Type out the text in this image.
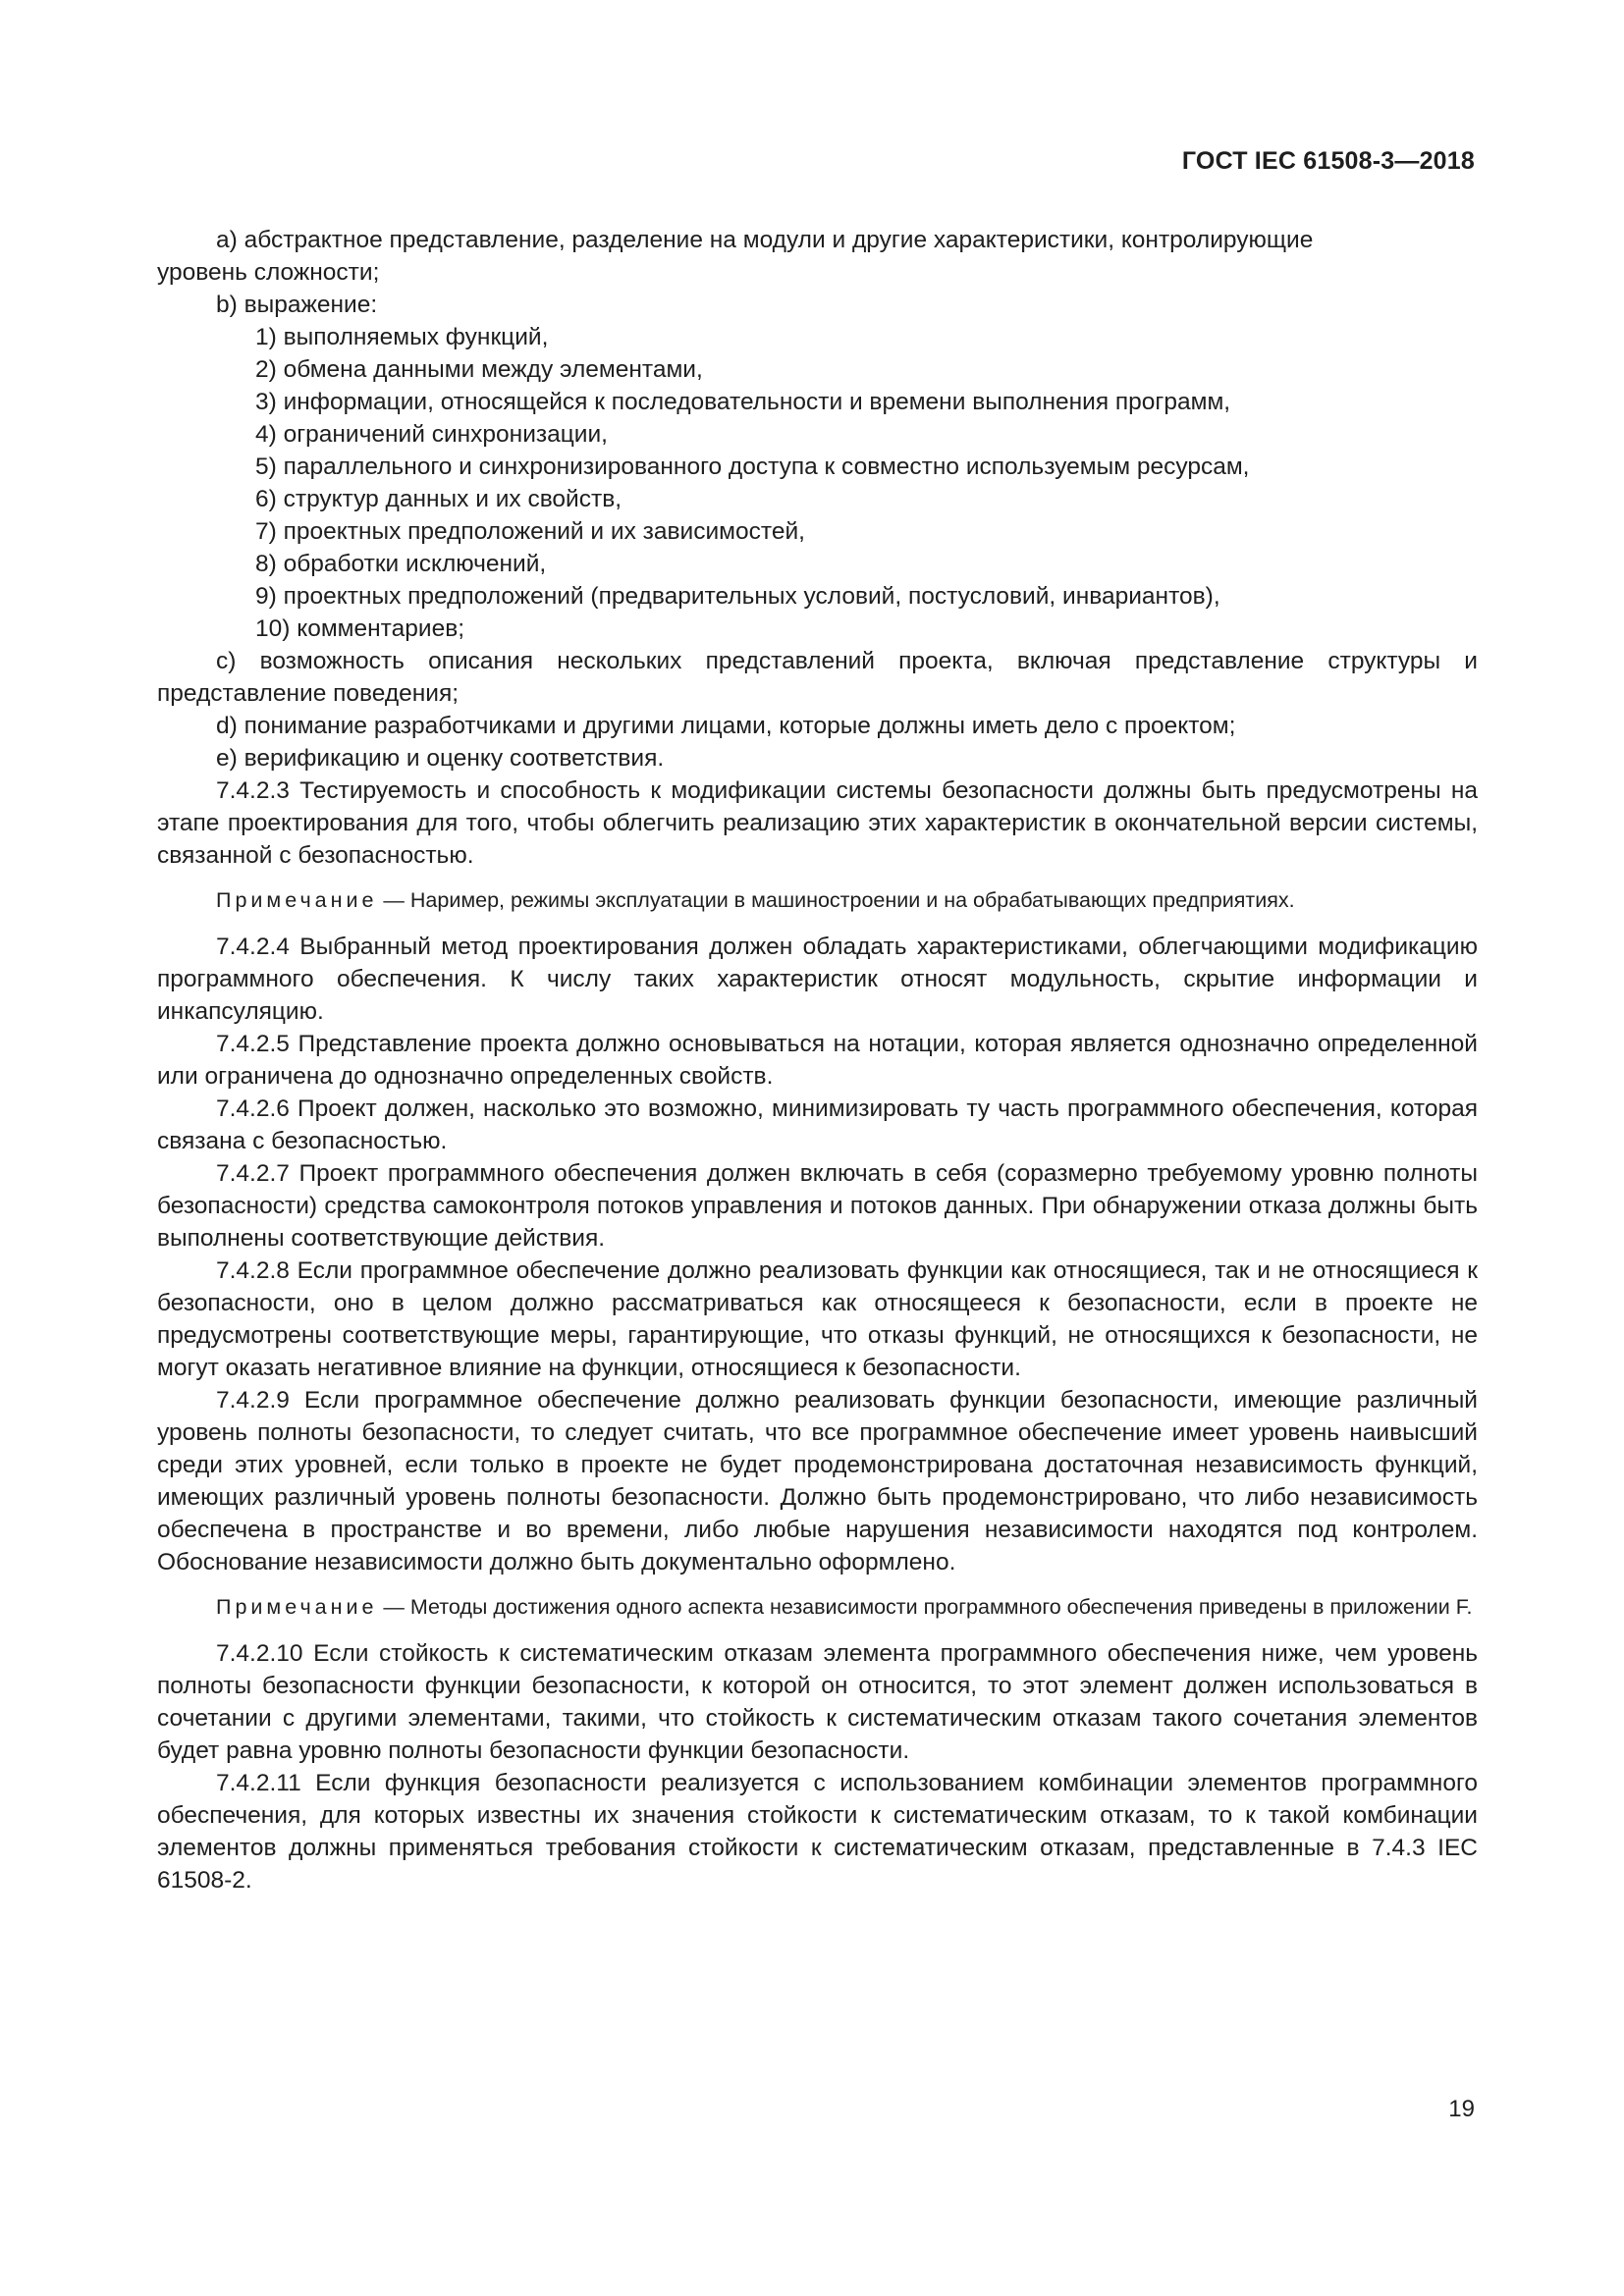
ГОСТ IEC 61508-3—2018
а) абстрактное представление, разделение на модули и другие характеристики, контролирующие
уровень сложности;
b) выражение:
1) выполняемых функций,
2) обмена данными между элементами,
3) информации, относящейся к последовательности и времени выполнения программ,
4) ограничений синхронизации,
5) параллельного и синхронизированного доступа к совместно используемым ресурсам,
6) структур данных и их свойств,
7) проектных предположений и их зависимостей,
8) обработки исключений,
9) проектных предположений (предварительных условий, постусловий, инвариантов),
10) комментариев;
c) возможность описания нескольких представлений проекта, включая представление структуры и представление поведения;
d) понимание разработчиками и другими лицами, которые должны иметь дело с проектом;
e) верификацию и оценку соответствия.
7.4.2.3 Тестируемость и способность к модификации системы безопасности должны быть предусмотрены на этапе проектирования для того, чтобы облегчить реализацию этих характеристик в окончательной версии системы, связанной с безопасностью.
Примечание — Наример, режимы эксплуатации в машиностроении и на обрабатывающих предприятиях.
7.4.2.4 Выбранный метод проектирования должен обладать характеристиками, облегчающими модификацию программного обеспечения. К числу таких характеристик относят модульность, скрытие информации и инкапсуляцию.
7.4.2.5 Представление проекта должно основываться на нотации, которая является однозначно определенной или ограничена до однозначно определенных свойств.
7.4.2.6 Проект должен, насколько это возможно, минимизировать ту часть программного обеспечения, которая связана с безопасностью.
7.4.2.7 Проект программного обеспечения должен включать в себя (соразмерно требуемому уровню полноты безопасности) средства самоконтроля потоков управления и потоков данных. При обнаружении отказа должны быть выполнены соответствующие действия.
7.4.2.8 Если программное обеспечение должно реализовать функции как относящиеся, так и не относящиеся к безопасности, оно в целом должно рассматриваться как относящееся к безопасности, если в проекте не предусмотрены соответствующие меры, гарантирующие, что отказы функций, не относящихся к безопасности, не могут оказать негативное влияние на функции, относящиеся к безопасности.
7.4.2.9 Если программное обеспечение должно реализовать функции безопасности, имеющие различный уровень полноты безопасности, то следует считать, что все программное обеспечение имеет уровень наивысший среди этих уровней, если только в проекте не будет продемонстрирована достаточная независимость функций, имеющих различный уровень полноты безопасности. Должно быть продемонстрировано, что либо независимость обеспечена в пространстве и во времени, либо любые нарушения независимости находятся под контролем. Обоснование независимости должно быть документально оформлено.
Примечание — Методы достижения одного аспекта независимости программного обеспечения приведены в приложении F.
7.4.2.10 Если стойкость к систематическим отказам элемента программного обеспечения ниже, чем уровень полноты безопасности функции безопасности, к которой он относится, то этот элемент должен использоваться в сочетании с другими элементами, такими, что стойкость к систематическим отказам такого сочетания элементов будет равна уровню полноты безопасности функции безопасности.
7.4.2.11 Если функция безопасности реализуется с использованием комбинации элементов программного обеспечения, для которых известны их значения стойкости к систематическим отказам, то к такой комбинации элементов должны применяться требования стойкости к систематическим отказам, представленные в 7.4.3 IEC 61508-2.
19
